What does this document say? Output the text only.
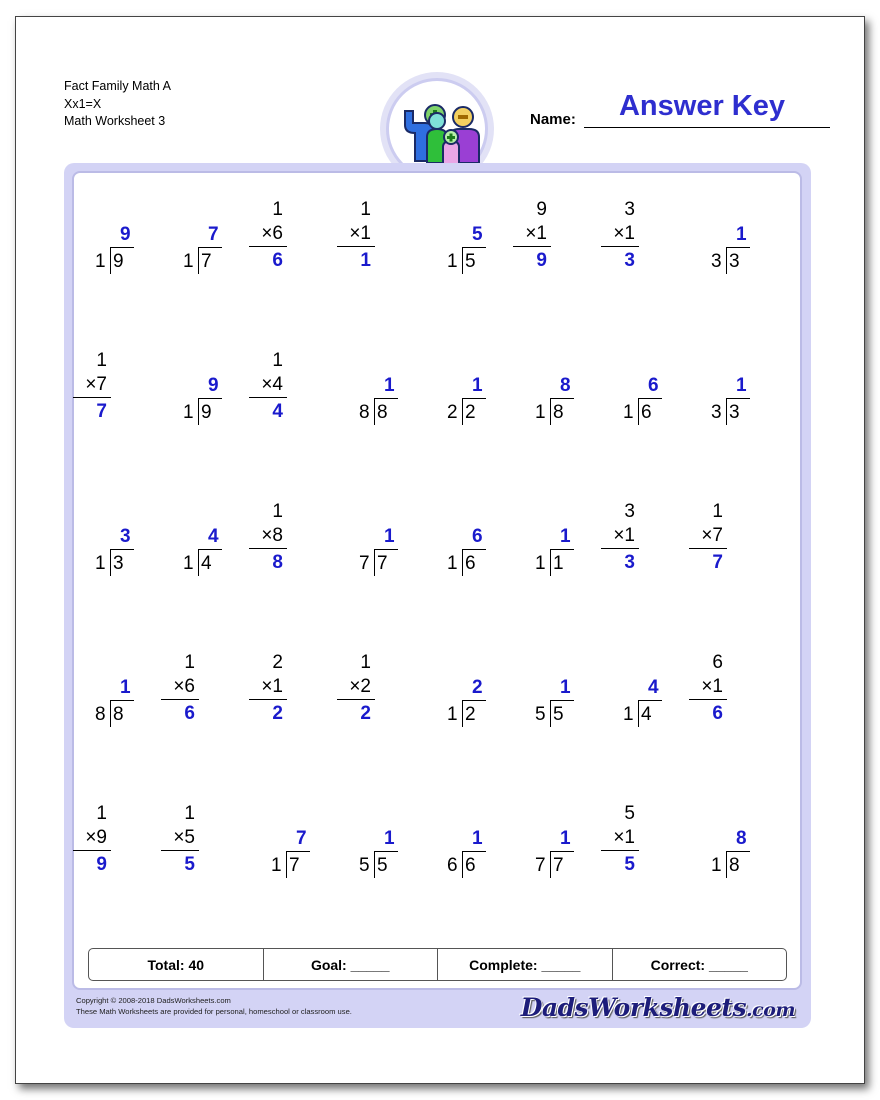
Fact Family Math A
Xx1=X
Math Worksheet 3	Name:	Answer Key
Copyright © 2008-2018 DadsWorksheets.com
These Math Worksheets are provided for personal, homeschool or classroom use.	DadsWorksheets.com
9
1 9
7
1 7
1
×6
6
1
×1
1
5
1 5
9
×1
9
3
×1
3
1
3 3
1
×7
7
9
1 9
1
×4
4
1
8 8
1
2 2
8
1 8
6
1 6
1
3 3
3
1 3
4
1 4
1
×8
8
1
7 7
6
1 6
1
1 1
3
×1
3
1
×7
7
1
8 8
1
×6
6
2
×1
2
1
×2
2
2
1 2
1
5 5
4
1 4
6
×1
6
1
×9
9
1
×5
5
7
1 7
1
5 5
1
6 6
1
7 7
5
×1
5
8
1 8
Total: 40	Goal: _____	Complete: _____	Correct: _____
